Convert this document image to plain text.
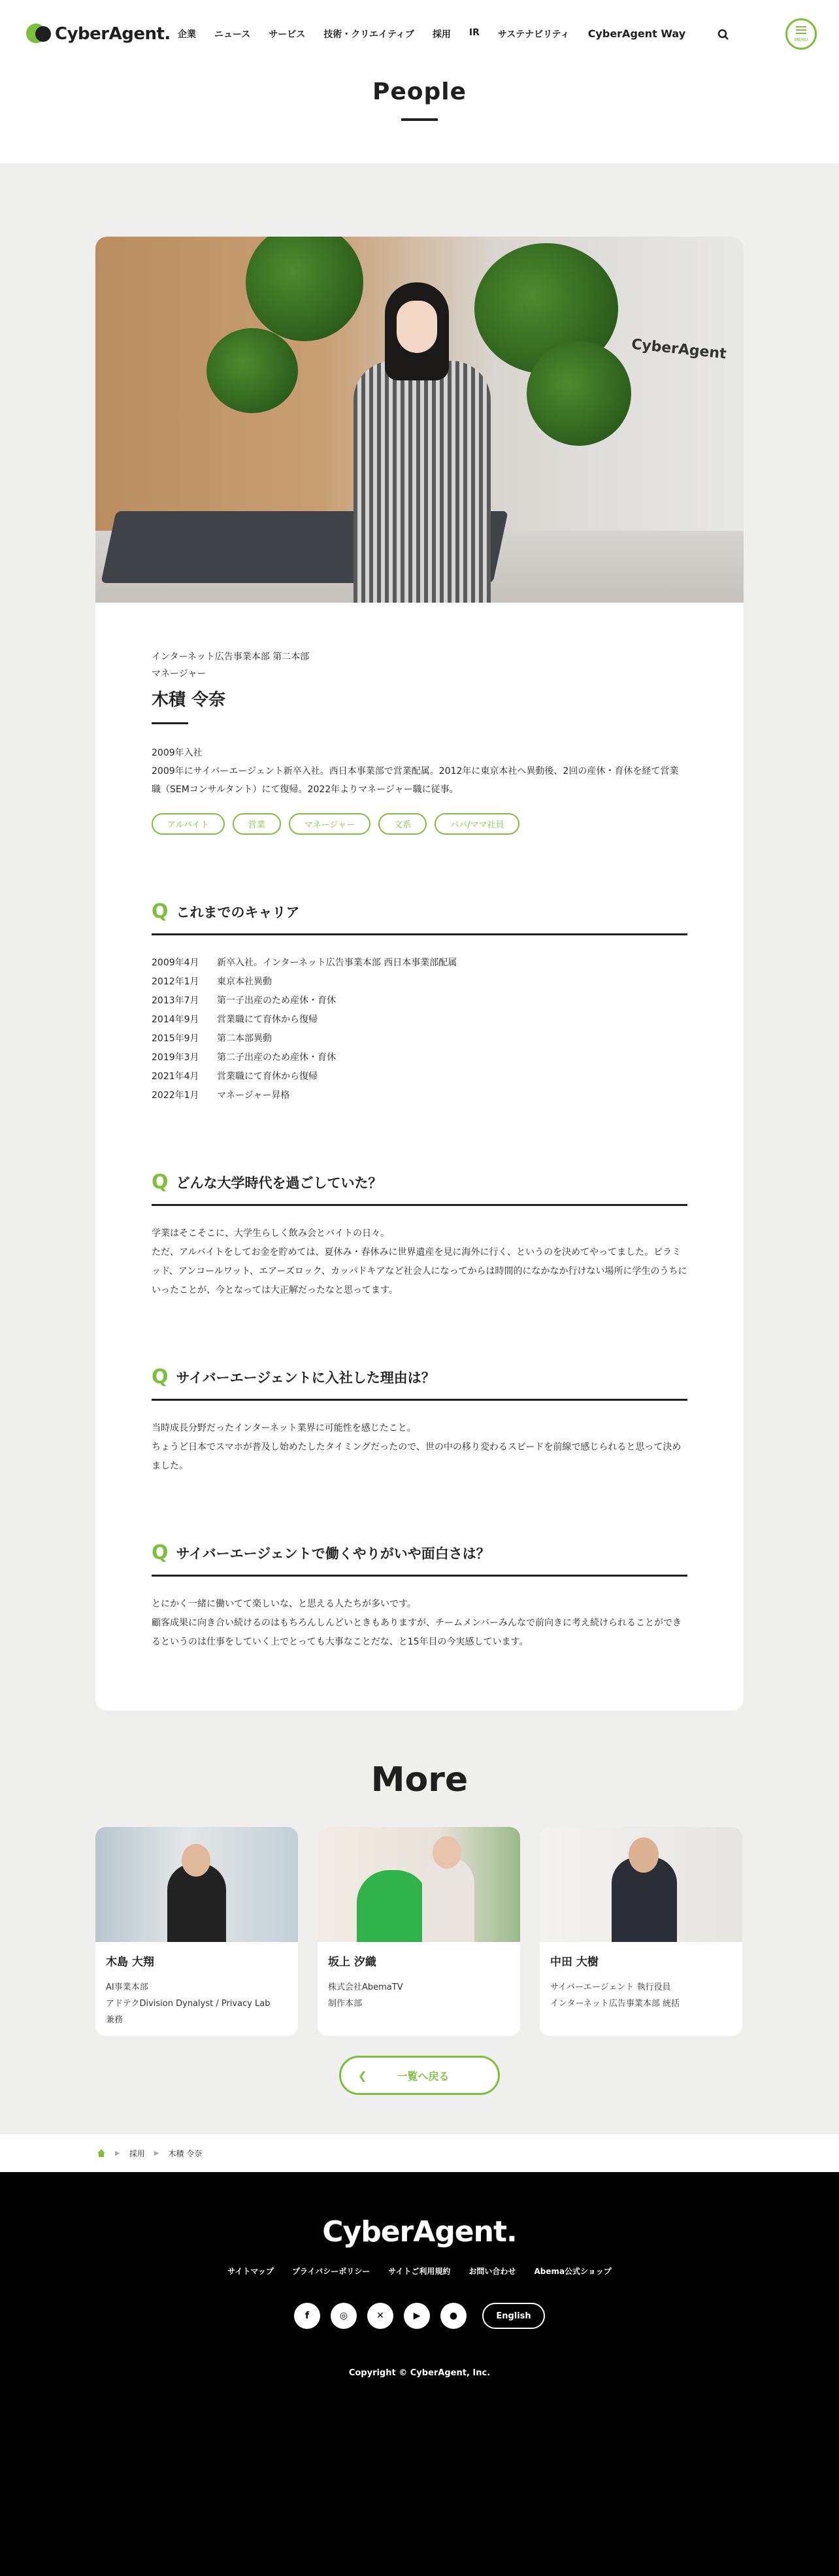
CyberAgent. 企業 ニュース サービス 技術・クリエイティブ 採用 IR サステナビリティ CyberAgent Way	MENU
People
CyberAgent

インターネット広告事業本部 第二本部

マネージャー

木積 令奈

2009年入社

2009年にサイバーエージェント新卒入社。西日本事業部で営業配属。2012年に東京本社へ異動後、2回の産休・育休を経て営業職（SEMコンサルタント）にて復帰。2022年よりマネージャー職に従事。

アルバイト	営業	マネージャー	文系	パパ/ママ社員
Q これまでのキャリア
2009年4月	新卒入社。インターネット広告事業本部 西日本事業部配属
2012年1月	東京本社異動
2013年7月	第一子出産のため産休・育休
2014年9月	営業職にて育休から復帰
2015年9月	第二本部異動
2019年3月	第二子出産のため産休・育休
2021年4月	営業職にて育休から復帰
2022年1月	マネージャー昇格
Q どんな大学時代を過ごしていた？

学業はそこそこに、大学生らしく飲み会とバイトの日々。

ただ、アルバイトをしてお金を貯めては、夏休み・春休みに世界遺産を見に海外に行く、というのを決めてやってました。ピラミッド、アンコールワット、エアーズロック、カッパドキアなど社会人になってからは時間的になかなか行けない場所に学生のうちにいったことが、今となっては大正解だったなと思ってます。

Q サイバーエージェントに入社した理由は？

当時成長分野だったインターネット業界に可能性を感じたこと。

ちょうど日本でスマホが普及し始めたしたタイミングだったので、世の中の移り変わるスピードを前線で感じられると思って決めました。

Q サイバーエージェントで働くやりがいや面白さは？

とにかく一緒に働いてて楽しいな、と思える人たちが多いです。

顧客成果に向き合い続けるのはもちろんしんどいときもありますが、チームメンバーみんなで前向きに考え続けられることができるというのは仕事をしていく上でとっても大事なことだな、と15年目の今実感しています。

More

木島 大翔

AI事業本部

アドテクDivision Dynalyst / Privacy Lab

兼務

坂上 汐織

株式会社AbemaTV

制作本部

中田 大樹

サイバーエージェント 執行役員

インターネット広告事業本部 統括

❮	一覧へ戻る
▶ 採用 ▶ 木積 令奈
CyberAgent.
サイトマップ プライバシーポリシー サイトご利用規約 お問い合わせ Abema公式ショップ
f	◎	✕	▶	●	English

Copyright © CyberAgent, Inc.
